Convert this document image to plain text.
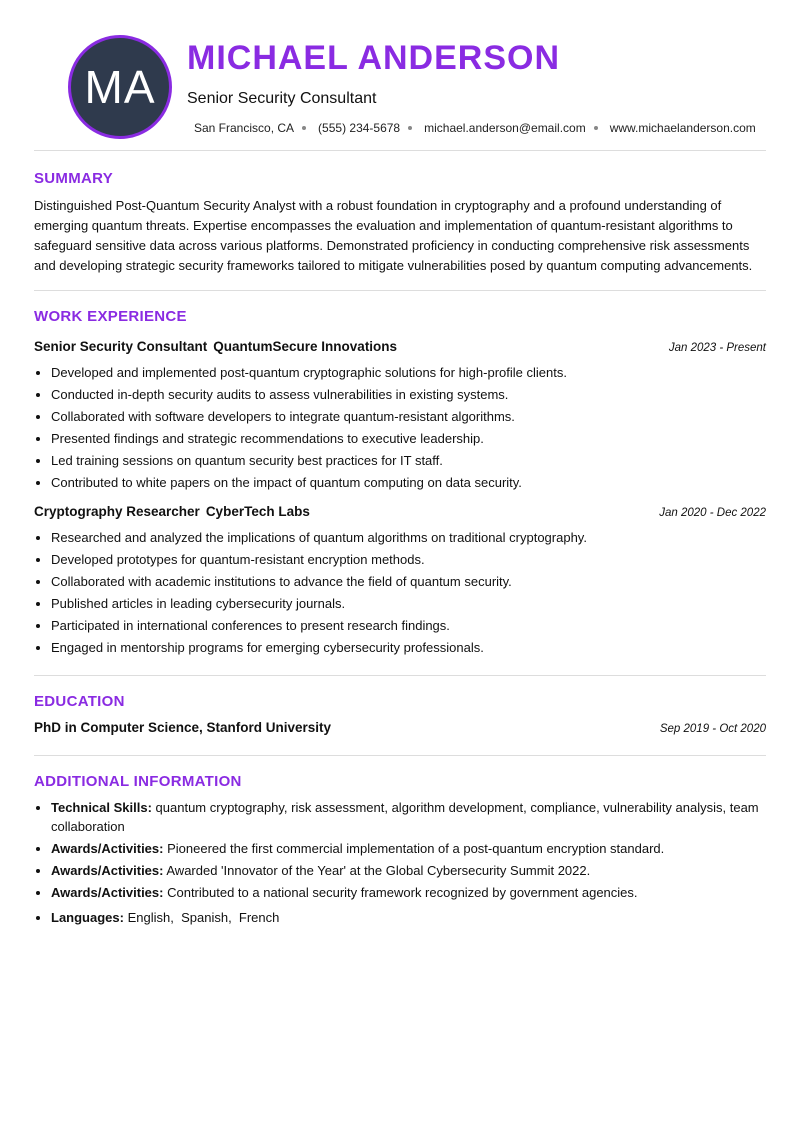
MA
MICHAEL ANDERSON
Senior Security Consultant
San Francisco, CA (555) 234-5678 michael.anderson@email.com www.michaelanderson.com
SUMMARY
Distinguished Post-Quantum Security Analyst with a robust foundation in cryptography and a profound understanding of emerging quantum threats. Expertise encompasses the evaluation and implementation of quantum-resistant algorithms to safeguard sensitive data across various platforms. Demonstrated proficiency in conducting comprehensive risk assessments and developing strategic security frameworks tailored to mitigate vulnerabilities posed by quantum computing advancements.
WORK EXPERIENCE
Senior Security Consultant QuantumSecure Innovations	Jan 2023 - Present
• Developed and implemented post-quantum cryptographic solutions for high-profile clients.
• Conducted in-depth security audits to assess vulnerabilities in existing systems.
• Collaborated with software developers to integrate quantum-resistant algorithms.
• Presented findings and strategic recommendations to executive leadership.
• Led training sessions on quantum security best practices for IT staff.
• Contributed to white papers on the impact of quantum computing on data security.
Cryptography Researcher CyberTech Labs	Jan 2020 - Dec 2022
• Researched and analyzed the implications of quantum algorithms on traditional cryptography.
• Developed prototypes for quantum-resistant encryption methods.
• Collaborated with academic institutions to advance the field of quantum security.
• Published articles in leading cybersecurity journals.
• Participated in international conferences to present research findings.
• Engaged in mentorship programs for emerging cybersecurity professionals.
EDUCATION
PhD in Computer Science, Stanford University	Sep 2019 - Oct 2020
ADDITIONAL INFORMATION
• Technical Skills: quantum cryptography, risk assessment, algorithm development, compliance, vulnerability analysis, team collaboration
• Awards/Activities: Pioneered the first commercial implementation of a post-quantum encryption standard.
• Awards/Activities: Awarded 'Innovator of the Year' at the Global Cybersecurity Summit 2022.
• Awards/Activities: Contributed to a national security framework recognized by government agencies.
• Languages: English ,  Spanish ,  French
